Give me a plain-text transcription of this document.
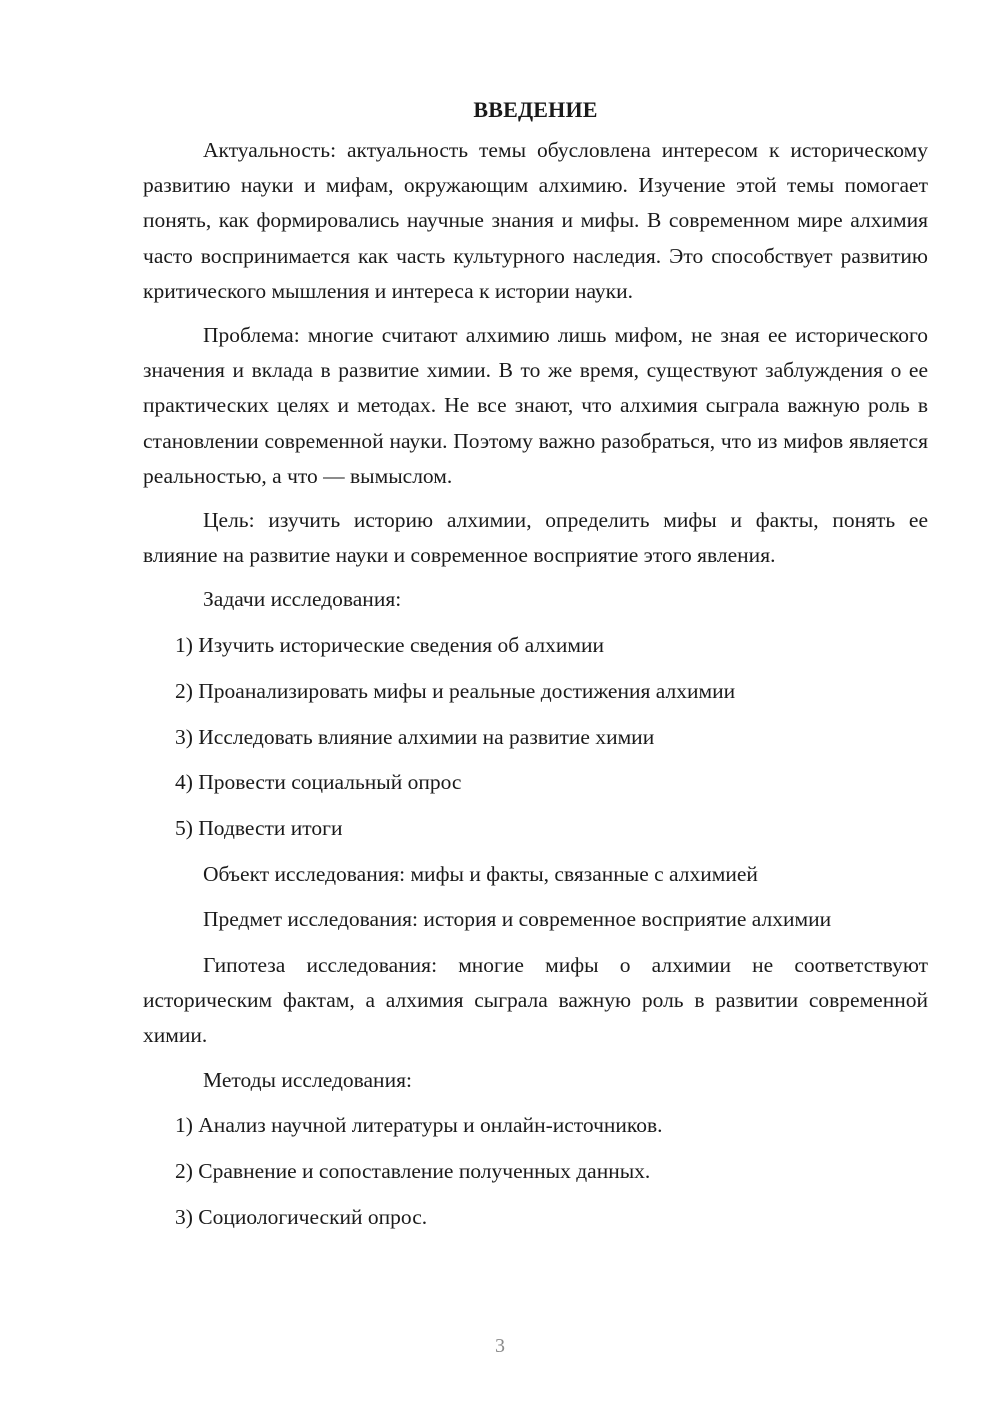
ВВЕДЕНИЕ

Актуальность: актуальность темы обусловлена интересом к историческому развитию науки и мифам, окружающим алхимию. Изучение этой темы помогает понять, как формировались научные знания и мифы. В современном мире алхимия часто воспринимается как часть культурного наследия. Это способствует развитию критического мышления и интереса к истории науки.

Проблема: многие считают алхимию лишь мифом, не зная ее исторического значения и вклада в развитие химии. В то же время, существуют заблуждения о ее практических целях и методах. Не все знают, что алхимия сыграла важную роль в становлении современной науки. Поэтому важно разобраться, что из мифов является реальностью, а что — вымыслом.

Цель: изучить историю алхимии, определить мифы и факты, понять ее влияние на развитие науки и современное восприятие этого явления.

Задачи исследования:

1) Изучить исторические сведения об алхимии
2) Проанализировать мифы и реальные достижения алхимии
3) Исследовать влияние алхимии на развитие химии
4) Провести социальный опрос
5) Подвести итоги

Объект исследования: мифы и факты, связанные с алхимией

Предмет исследования: история и современное восприятие алхимии

Гипотеза исследования: многие мифы о алхимии не соответствуют историческим фактам, а алхимия сыграла важную роль в развитии современной химии.

Методы исследования:

1) Анализ научной литературы и онлайн-источников.
2) Сравнение и сопоставление полученных данных.
3) Социологический опрос.
3
